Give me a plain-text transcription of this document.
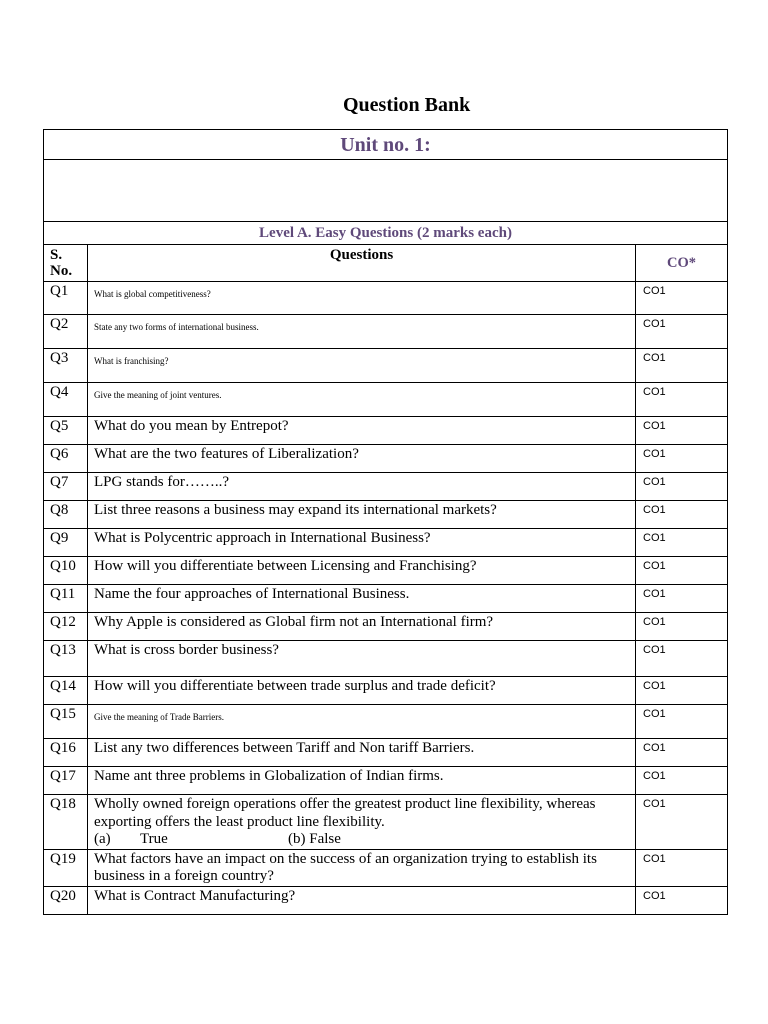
Question Bank
Unit no. 1:		

Level A. Easy Questions (2 marks each)		
S. No.	Questions	CO*
Q1	What is global competitiveness?	CO1
Q2	State any two forms of international business.	CO1
Q3	What is franchising?	CO1
Q4	Give the meaning of joint ventures.	CO1
Q5	What do you mean by Entrepot?	CO1
Q6	What are the two features of Liberalization?	CO1
Q7	LPG stands for……..?	CO1
Q8	List three reasons a business may expand its international markets?	CO1
Q9	What is Polycentric approach in International Business?	CO1
Q10	How will you differentiate between Licensing and Franchising?	CO1
Q11	Name the four approaches of International Business.	CO1
Q12	Why Apple is considered as Global firm not an International firm?	CO1
Q13	What is cross border business?	CO1
Q14	How will you differentiate between trade surplus and trade deficit?	CO1
Q15	Give the meaning of Trade Barriers.	CO1
Q16	List any two differences between Tariff and Non tariff Barriers.	CO1
Q17	Name ant three problems in Globalization of Indian firms.	CO1
Q18	Wholly owned foreign operations offer the greatest product line flexibility, whereas exporting offers the least product line flexibility.
(a) True (b) False	CO1
Q19	What factors have an impact on the success of an organization trying to establish its business in a foreign country?	CO1
Q20	What is Contract Manufacturing?	CO1
